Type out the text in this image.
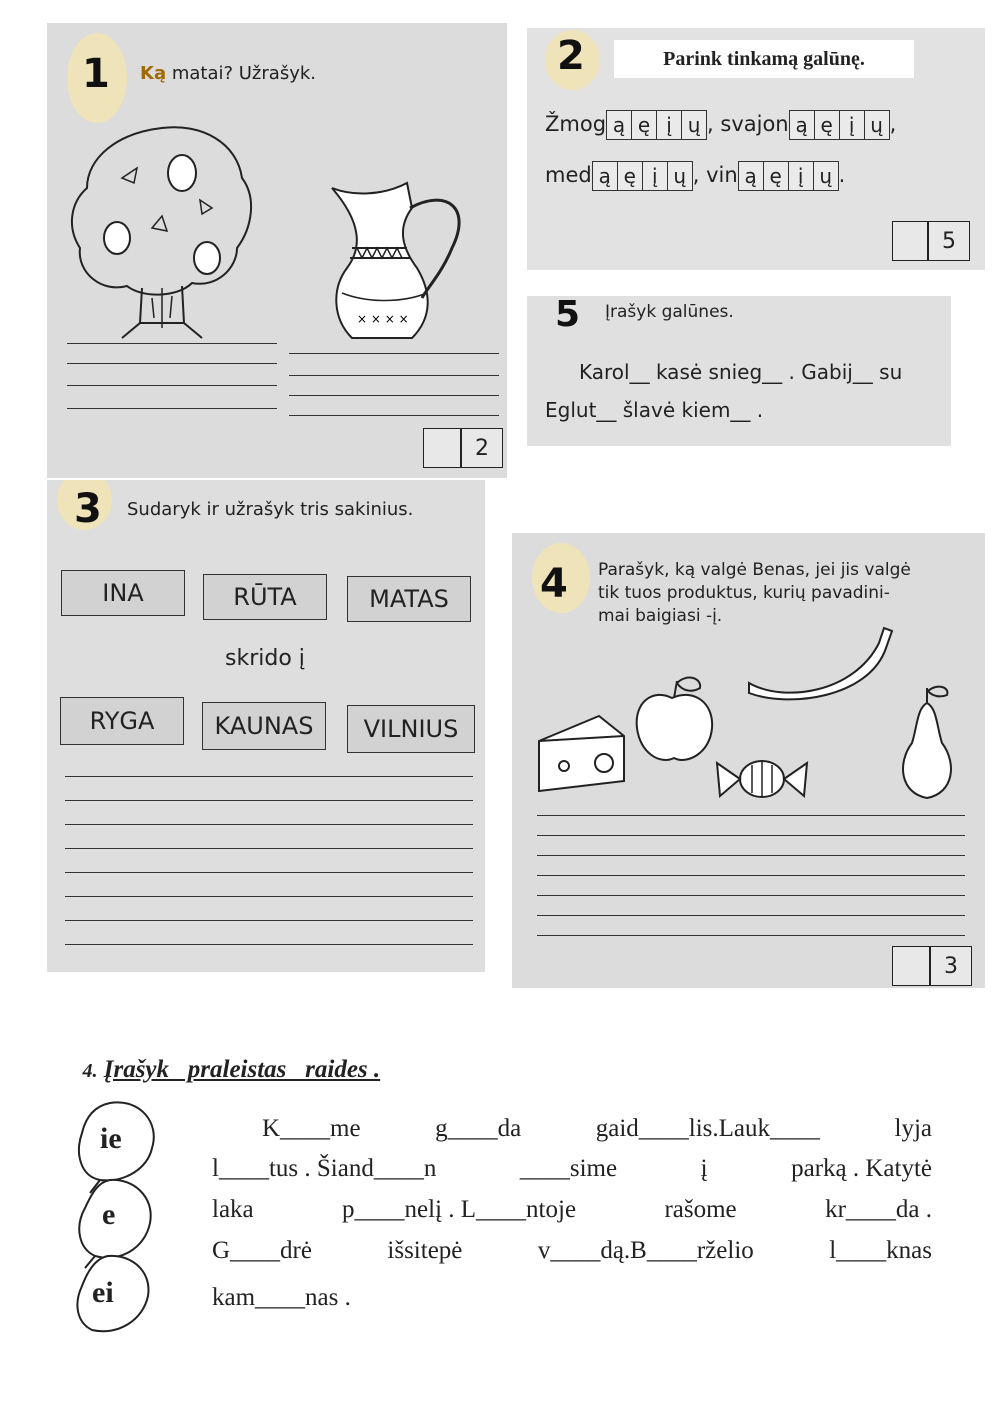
1 Ką matai? Užrašyk.
× × × ×
2
2	Parink tinkamą galūnę.
Žmog ą ę į ų , svajon ą ę į ų ,
med ą ę į ų , vin ą ę į ų .
5
5 Įrašyk galūnes.
Karol__ kasė snieg__ . Gabij__ su
Eglut__ šlavė kiem__ .
3 Sudaryk ir užrašyk tris sakinius.
INA	RŪTA	MATAS
skrido į
RYGA	KAUNAS	VILNIUS
4 Parašyk, ką valgė Benas, jei jis valgė
tik tuos produktus, kurių pavadini-
mai baigiasi -į.
3

4. Įrašyk   praleistas   raides .

ie
e
ei
K____me	g____da	gaid____lis.Lauk____	lyja
l____tus . Šiand____n	____sime	į	parką . Katytė
laka	p____nelį . L____ntoje	rašome	kr____da .
G____drė	išsitepė	v____dą.B____rželio	l____knas
kam____nas .
